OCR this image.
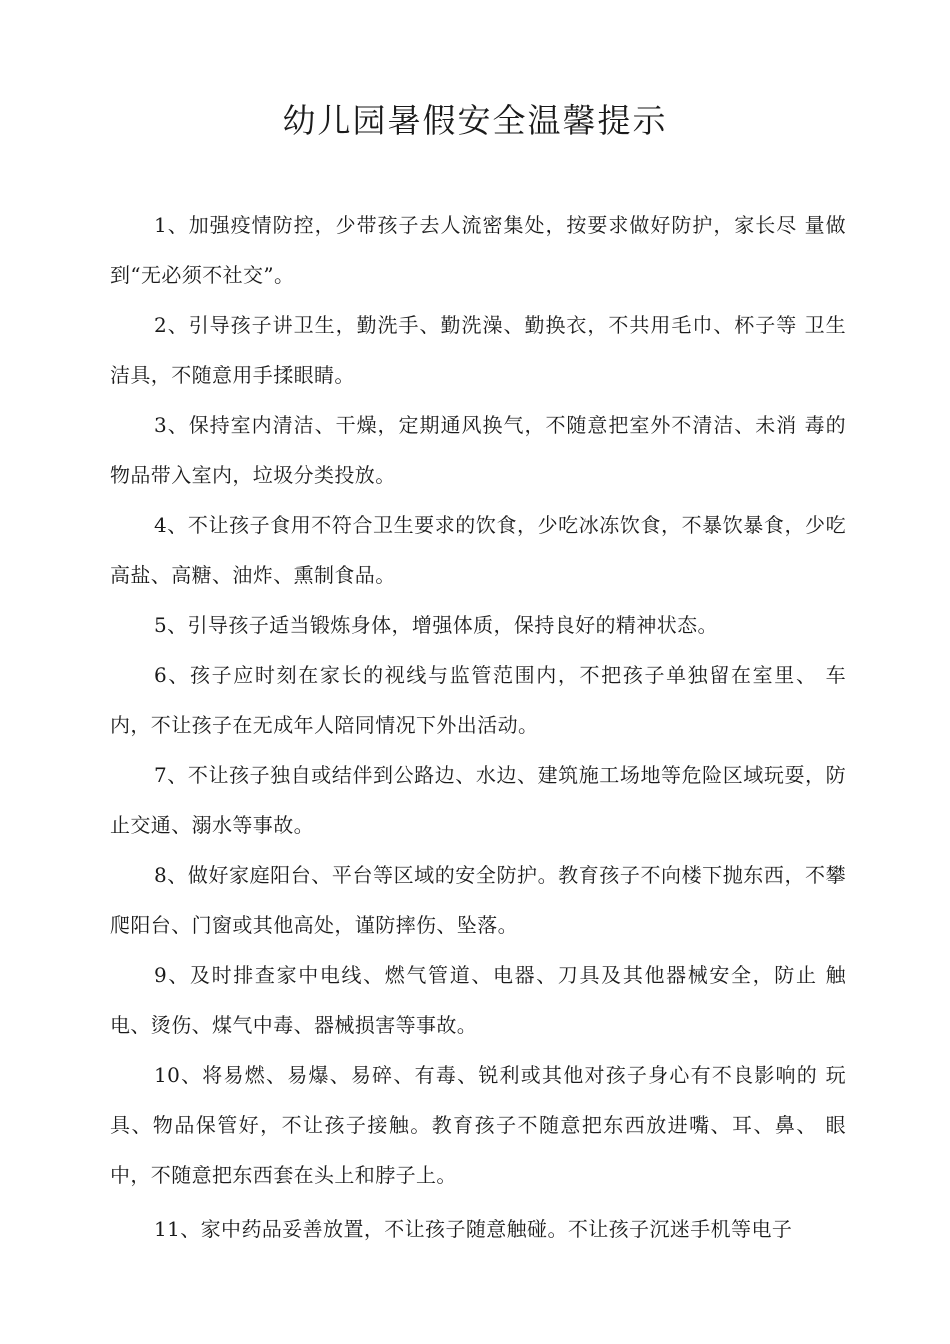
幼儿园暑假安全温馨提示

1、加强疫情防控，少带孩子去人流密集处，按要求做好防护，家长尽 量做到“无必须不社交”。

2、引导孩子讲卫生，勤洗手、勤洗澡、勤换衣，不共用毛巾、杯子等 卫生洁具，不随意用手揉眼睛。

3、保持室内清洁、干燥，定期通风换气，不随意把室外不清洁、未消 毒的物品带入室内，垃圾分类投放。

4、不让孩子食用不符合卫生要求的饮食，少吃冰冻饮食，不暴饮暴食，少吃高盐、高糖、油炸、熏制食品。

5、引导孩子适当锻炼身体，增强体质，保持良好的精神状态。

6、孩子应时刻在家长的视线与监管范围内，不把孩子单独留在室里、 车内，不让孩子在无成年人陪同情况下外出活动。

7、不让孩子独自或结伴到公路边、水边、建筑施工场地等危险区域玩耍，防止交通、溺水等事故。

8、做好家庭阳台、平台等区域的安全防护。教育孩子不向楼下抛东西，不攀爬阳台、门窗或其他高处，谨防摔伤、坠落。

9、及时排查家中电线、燃气管道、电器、刀具及其他器械安全，防止 触电、烫伤、煤气中毒、器械损害等事故。

10、将易燃、易爆、易碎、有毒、锐利或其他对孩子身心有不良影响的 玩具、物品保管好，不让孩子接触。教育孩子不随意把东西放进嘴、耳、鼻、 眼中，不随意把东西套在头上和脖子上。

11、家中药品妥善放置，不让孩子随意触碰。不让孩子沉迷手机等电子
